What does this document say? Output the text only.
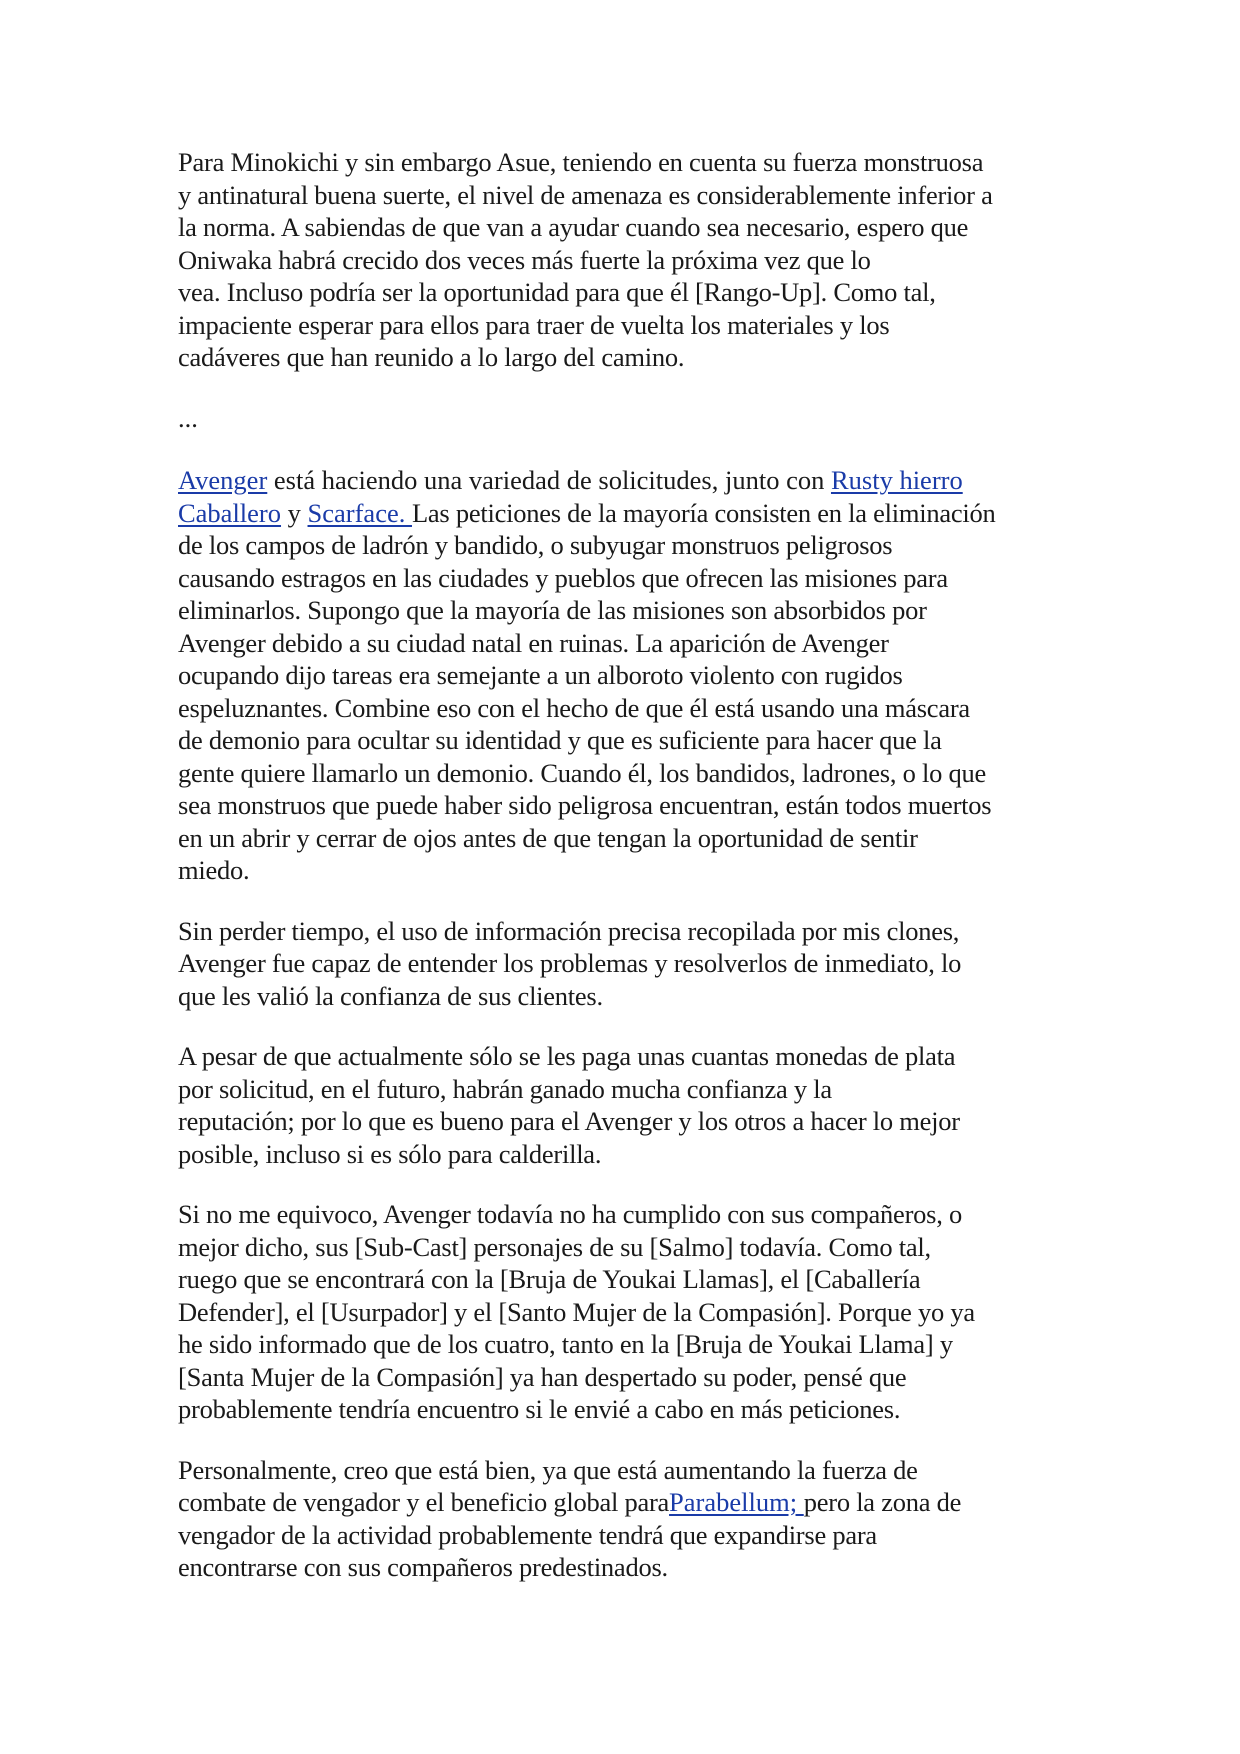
Para Minokichi y sin embargo Asue, teniendo en cuenta su fuerza monstruosa
y antinatural buena suerte, el nivel de amenaza es considerablemente inferior a
la norma. A sabiendas de que van a ayudar cuando sea necesario, espero que
Oniwaka habrá crecido dos veces más fuerte la próxima vez que lo
vea. Incluso podría ser la oportunidad para que él [Rango-Up]. Como tal,
impaciente esperar para ellos para traer de vuelta los materiales y los
cadáveres que han reunido a lo largo del camino.

...

Avenger está haciendo una variedad de solicitudes, junto con Rusty hierro
Caballero y Scarface. Las peticiones de la mayoría consisten en la eliminación
de los campos de ladrón y bandido, o subyugar monstruos peligrosos
causando estragos en las ciudades y pueblos que ofrecen las misiones para
eliminarlos. Supongo que la mayoría de las misiones son absorbidos por
Avenger debido a su ciudad natal en ruinas. La aparición de Avenger
ocupando dijo tareas era semejante a un alboroto violento con rugidos
espeluznantes. Combine eso con el hecho de que él está usando una máscara
de demonio para ocultar su identidad y que es suficiente para hacer que la
gente quiere llamarlo un demonio. Cuando él, los bandidos, ladrones, o lo que
sea monstruos que puede haber sido peligrosa encuentran, están todos muertos
en un abrir y cerrar de ojos antes de que tengan la oportunidad de sentir
miedo.

Sin perder tiempo, el uso de información precisa recopilada por mis clones,
Avenger fue capaz de entender los problemas y resolverlos de inmediato, lo
que les valió la confianza de sus clientes.

A pesar de que actualmente sólo se les paga unas cuantas monedas de plata
por solicitud, en el futuro, habrán ganado mucha confianza y la
reputación; por lo que es bueno para el Avenger y los otros a hacer lo mejor
posible, incluso si es sólo para calderilla.

Si no me equivoco, Avenger todavía no ha cumplido con sus compañeros, o
mejor dicho, sus [Sub-Cast] personajes de su [Salmo] todavía. Como tal,
ruego que se encontrará con la [Bruja de Youkai Llamas], el [Caballería
Defender], el [Usurpador] y el [Santo Mujer de la Compasión]. Porque yo ya
he sido informado que de los cuatro, tanto en la [Bruja de Youkai Llama] y
[Santa Mujer de la Compasión] ya han despertado su poder, pensé que
probablemente tendría encuentro si le envié a cabo en más peticiones.

Personalmente, creo que está bien, ya que está aumentando la fuerza de
combate de vengador y el beneficio global paraParabellum; pero la zona de
vengador de la actividad probablemente tendrá que expandirse para
encontrarse con sus compañeros predestinados.
